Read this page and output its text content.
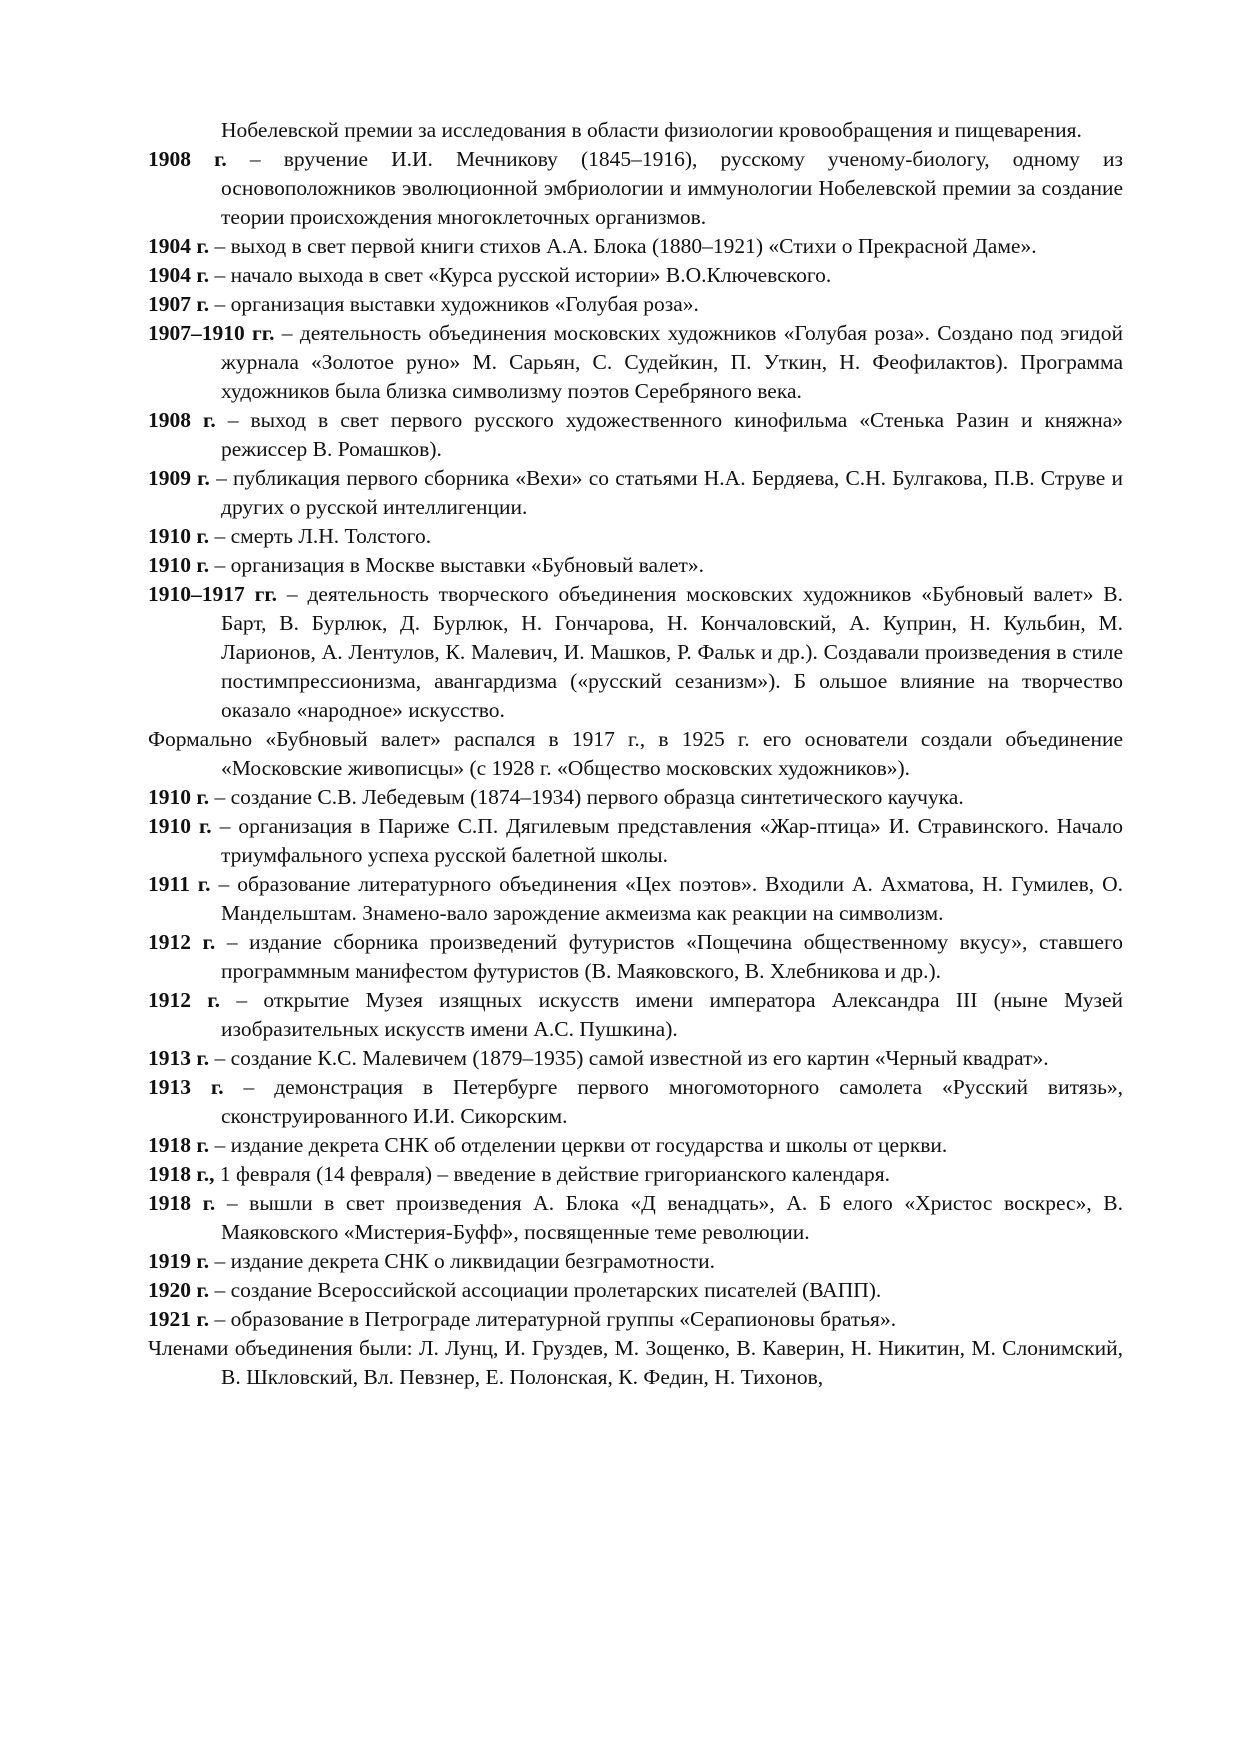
Нобелевской премии за исследования в области физиологии кровообращения и пищеварения.

1908 г. – вручение И.И. Мечникову (1845–1916), русскому ученому-биологу, одному из основоположников эволюционной эмбриологии и иммунологии Нобелевской премии за создание теории происхождения многоклеточных организмов.

1904 г. – выход в свет первой книги стихов А.А. Блока (1880–1921) «Стихи о Прекрасной Даме».

1904 г. – начало выхода в свет «Курса русской истории» В.О.Ключевского.

1907 г. – организация выставки художников «Голубая роза».

1907–1910 гг. – деятельность объединения московских художников «Голубая роза». Создано под эгидой журнала «Золотое руно» М. Сарьян, С. Судейкин, П. Уткин, Н. Феофилактов). Программа художников была близка символизму поэтов Серебряного века.

1908 г. – выход в свет первого русского художественного кинофильма «Стенька Разин и княжна» режиссер В. Ромашков).

1909 г. – публикация первого сборника «Вехи» со статьями Н.А. Бердяева, С.Н. Булгакова, П.В. Струве и других о русской интеллигенции.

1910 г. – смерть Л.Н. Толстого.

1910 г. – организация в Москве выставки «Бубновый валет».

1910–1917 гг. – деятельность творческого объединения московских художников «Бубновый валет» В. Барт, В. Бурлюк, Д. Бурлюк, Н. Гончарова, Н. Кончаловский, А. Куприн, Н. Кульбин, М. Ларионов, А. Лентулов, К. Малевич, И. Машков, Р. Фальк и др.). Создавали произведения в стиле постимпрессионизма, авангардизма («русский сезанизм»). Б ольшое влияние на творчество оказало «народное» искусство.

Формально «Бубновый валет» распался в 1917 г., в 1925 г. его основатели создали объединение «Московские живописцы» (с 1928 г. «Общество московских художников»).

1910 г. – создание С.В. Лебедевым (1874–1934) первого образца синтетического каучука.

1910 г. – организация в Париже С.П. Дягилевым представления «Жар-птица» И. Стравинского. Начало триумфального успеха русской балетной школы.

1911 г. – образование литературного объединения «Цех поэтов». Входили А. Ахматова, Н. Гумилев, О. Мандельштам. Знамено-вало зарождение акмеизма как реакции на символизм.

1912 г. – издание сборника произведений футуристов «Пощечина общественному вкусу», ставшего программным манифестом футуристов (В. Маяковского, В. Хлебникова и др.).

1912 г. – открытие Музея изящных искусств имени императора Александра III (ныне Музей изобразительных искусств имени А.С. Пушкина).

1913 г. – создание К.С. Малевичем (1879–1935) самой известной из его картин «Черный квадрат».

1913 г. – демонстрация в Петербурге первого многомоторного самолета «Русский витязь», сконструированного И.И. Сикорским.

1918 г. – издание декрета СНК об отделении церкви от государства и школы от церкви.

1918 г., 1 февраля (14 февраля) – введение в действие григорианского календаря.

1918 г. – вышли в свет произведения А. Блока «Д венадцать», А. Б елого «Христос воскрес», В. Маяковского «Мистерия-Буфф», посвященные теме революции.

1919 г. – издание декрета СНК о ликвидации безграмотности.

1920 г. – создание Всероссийской ассоциации пролетарских писателей (ВАПП).

1921 г. – образование в Петрограде литературной группы «Серапионовы братья».

Членами объединения были: Л. Лунц, И. Груздев, М. Зощенко, В. Каверин, Н. Никитин, М. Слонимский, В. Шкловский, Вл. Певзнер, Е. Полонская, К. Федин, Н. Тихонов,
